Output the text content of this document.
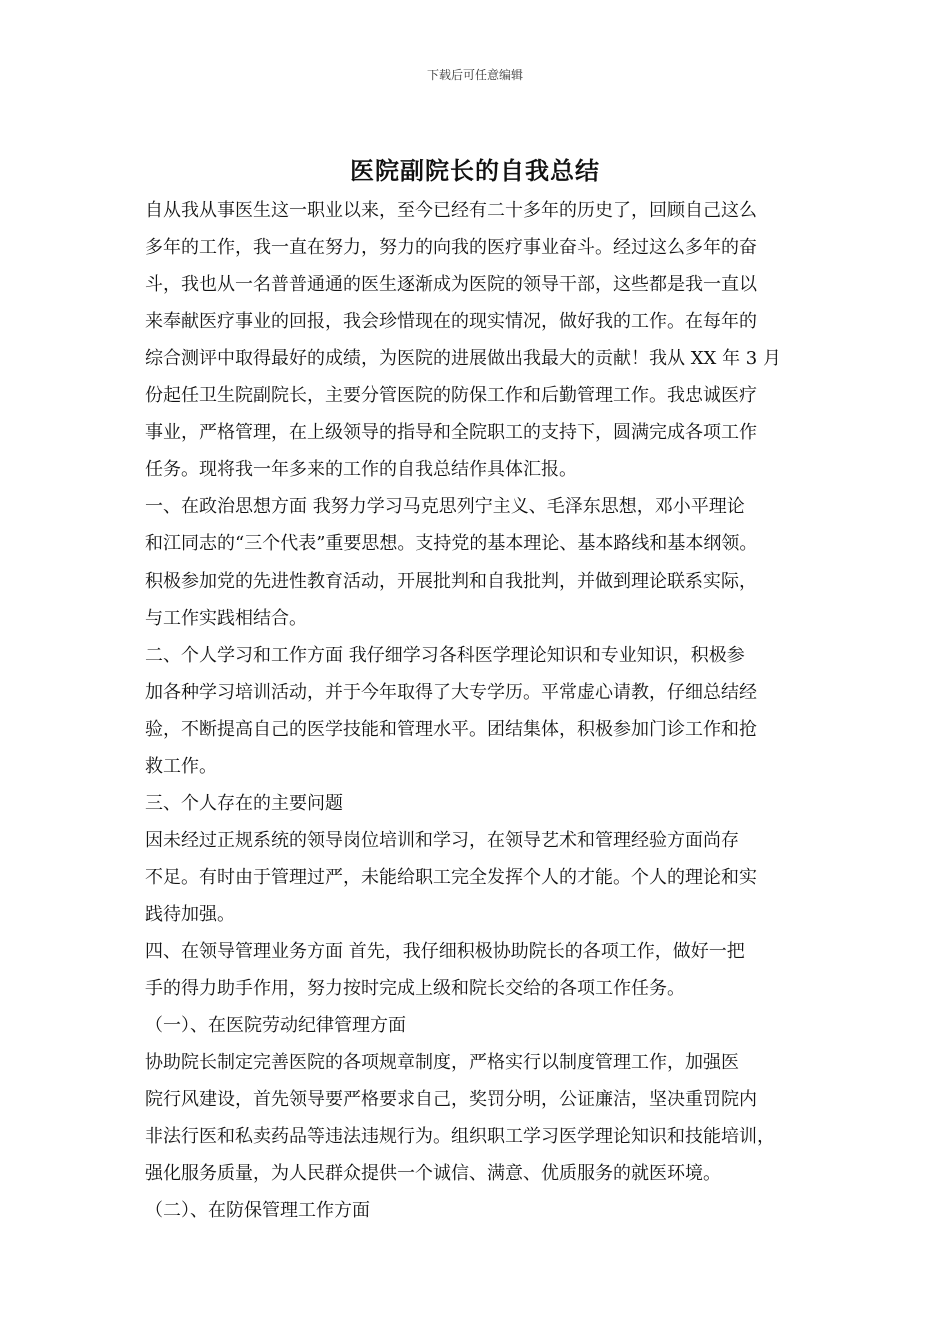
下载后可任意编辑
医院副院长的自我总结
自从我从事医生这一职业以来，至今已经有二十多年的历史了，回顾自己这么
多年的工作，我一直在努力，努力的向我的医疗事业奋斗。经过这么多年的奋
斗，我也从一名普普通通的医生逐渐成为医院的领导干部，这些都是我一直以
来奉献医疗事业的回报，我会珍惜现在的现实情况，做好我的工作。在每年的
综合测评中取得最好的成绩，为医院的进展做出我最大的贡献！我从 XX 年 3 月
份起任卫生院副院长，主要分管医院的防保工作和后勤管理工作。我忠诚医疗
事业，严格管理，在上级领导的指导和全院职工的支持下，圆满完成各项工作
任务。现将我一年多来的工作的自我总结作具体汇报。
一、在政治思想方面 我努力学习马克思列宁主义、毛泽东思想，邓小平理论
和江同志的“三个代表”重要思想。支持党的基本理论、基本路线和基本纲领。
积极参加党的先进性教育活动，开展批判和自我批判，并做到理论联系实际，
与工作实践相结合。
二、个人学习和工作方面 我仔细学习各科医学理论知识和专业知识，积极参
加各种学习培训活动，并于今年取得了大专学历。平常虚心请教，仔细总结经
验，不断提高自己的医学技能和管理水平。团结集体，积极参加门诊工作和抢
救工作。
三、个人存在的主要问题
因未经过正规系统的领导岗位培训和学习，在领导艺术和管理经验方面尚存
不足。有时由于管理过严，未能给职工完全发挥个人的才能。个人的理论和实
践待加强。
四、在领导管理业务方面 首先，我仔细积极协助院长的各项工作，做好一把
手的得力助手作用，努力按时完成上级和院长交给的各项工作任务。
（一）、在医院劳动纪律管理方面
协助院长制定完善医院的各项规章制度，严格实行以制度管理工作，加强医
院行风建设，首先领导要严格要求自己，奖罚分明，公证廉洁，坚决重罚院内
非法行医和私卖药品等违法违规行为。组织职工学习医学理论知识和技能培训，
强化服务质量，为人民群众提供一个诚信、满意、优质服务的就医环境。
（二）、在防保管理工作方面
